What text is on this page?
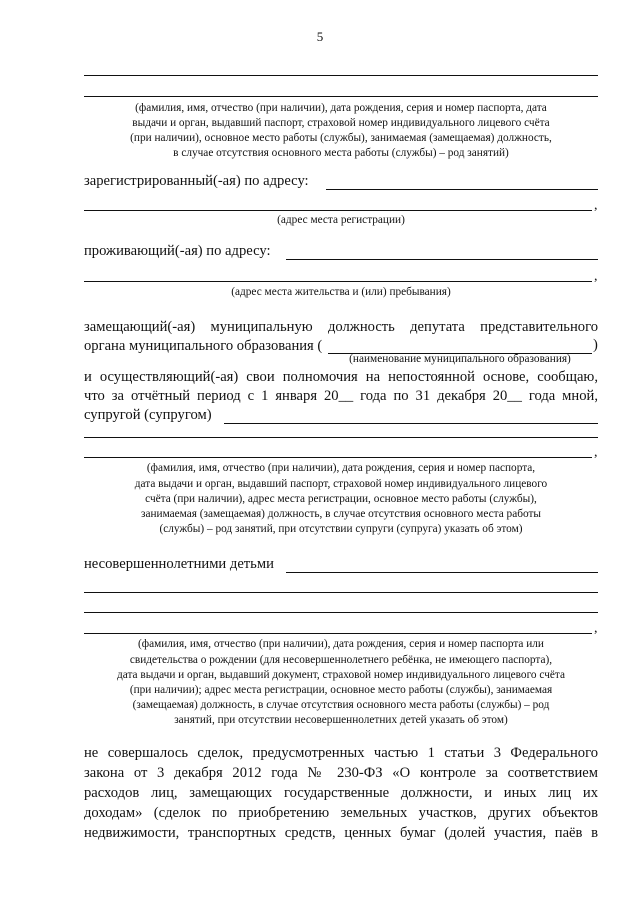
5
(фамилия, имя, отчество (при наличии), дата рождения, серия и номер паспорта, дата
выдачи и орган, выдавший паспорт, страховой номер индивидуального лицевого счёта
(при наличии), основное место работы (службы), занимаемая (замещаемая) должность,
в случае отсутствия основного места работы (службы) – род занятий)
зарегистрированный(-ая) по адресу:
,
(адрес места регистрации)
проживающий(-ая) по адресу:
,
(адрес места жительства и (или) пребывания)
замещающий(-ая) муниципальную должность депутата представительного
органа муниципального образования (	)
(наименование муниципального образования)
и осуществляющий(-ая) свои полномочия на непостоянной основе, сообщаю,
что за отчётный период с 1 января 20__ года по 31 декабря 20__ года мной,
супругой (супругом)
,
(фамилия, имя, отчество (при наличии), дата рождения, серия и номер паспорта,
дата выдачи и орган, выдавший паспорт, страховой номер индивидуального лицевого
счёта (при наличии), адрес места регистрации, основное место работы (службы),
занимаемая (замещаемая) должность, в случае отсутствия основного места работы
(службы) – род занятий, при отсутствии супруги (супруга) указать об этом)
несовершеннолетними детьми
,
(фамилия, имя, отчество (при наличии), дата рождения, серия и номер паспорта или
свидетельства о рождении (для несовершеннолетнего ребёнка, не имеющего паспорта),
дата выдачи и орган, выдавший документ, страховой номер индивидуального лицевого счёта
(при наличии); адрес места регистрации, основное место работы (службы), занимаемая
(замещаемая) должность, в случае отсутствия основного места работы (службы) – род
занятий, при отсутствии несовершеннолетних детей указать об этом)
не совершалось сделок, предусмотренных частью 1 статьи 3 Федерального
закона от 3 декабря 2012 года № 230-ФЗ «О контроле за соответствием
расходов лиц, замещающих государственные должности, и иных лиц их
доходам» (сделок по приобретению земельных участков, других объектов
недвижимости, транспортных средств, ценных бумаг (долей участия, паёв в
